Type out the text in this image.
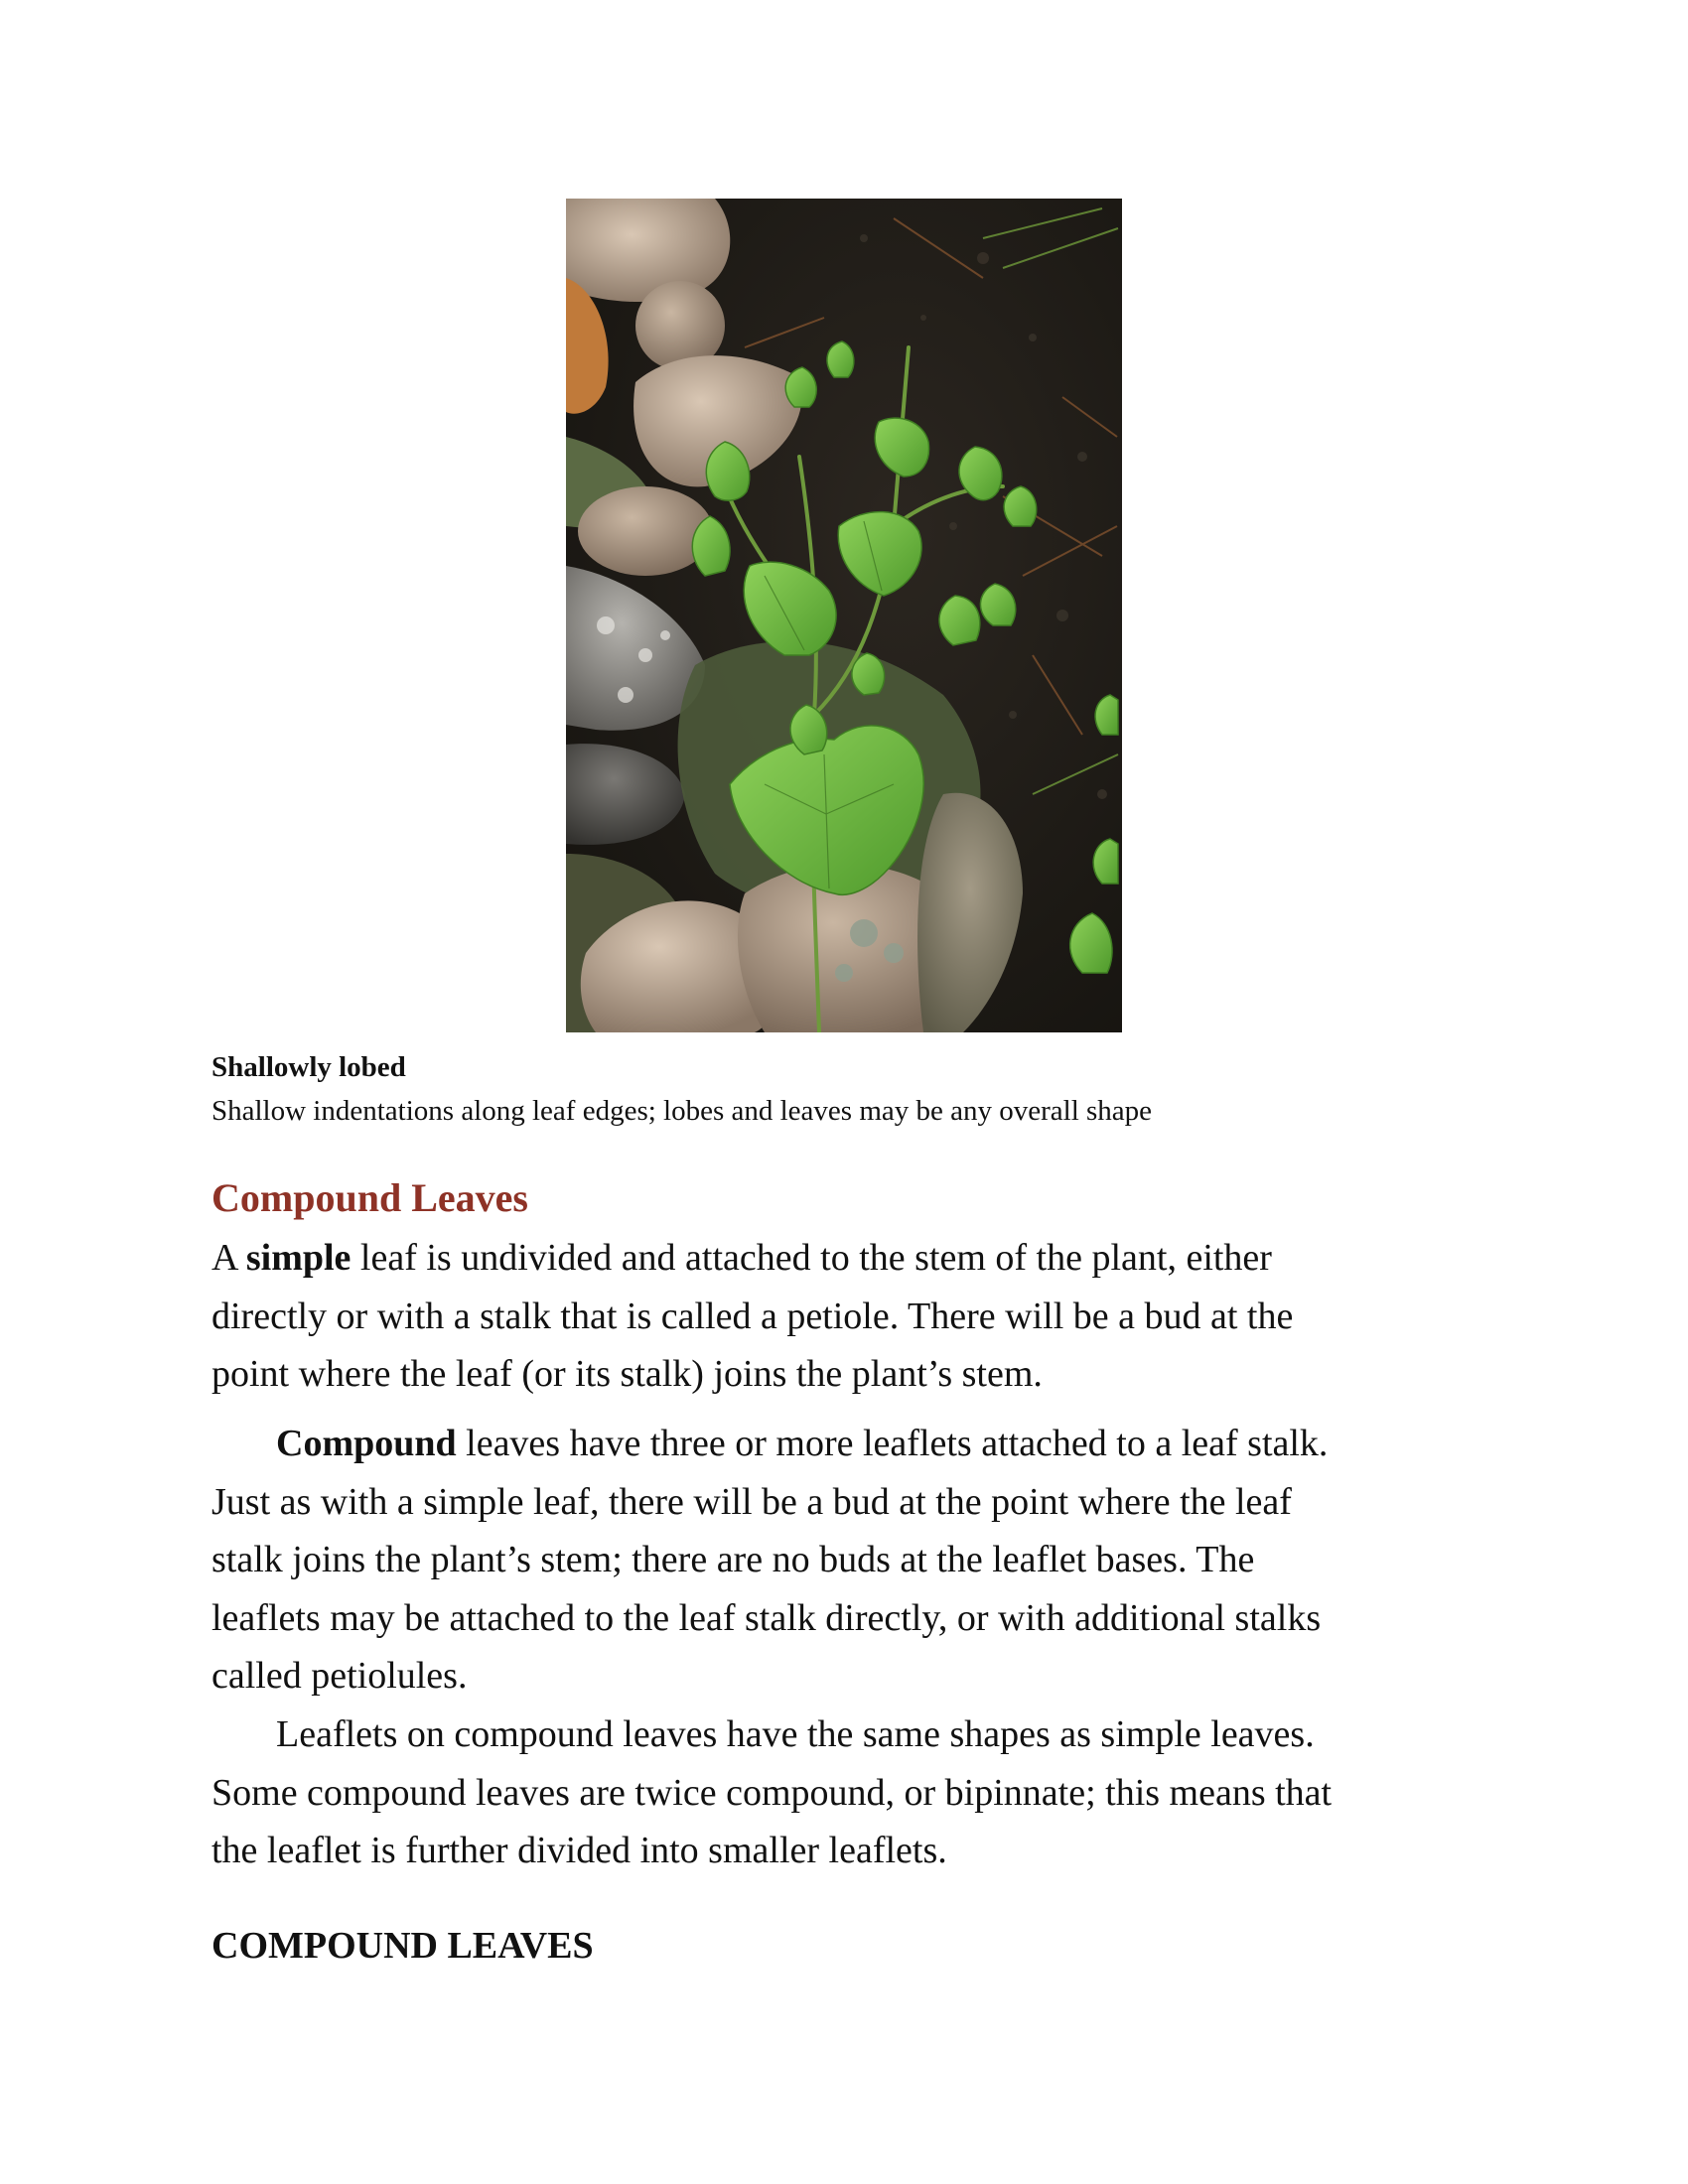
Shallowly lobed

Shallow indentations along leaf edges; lobes and leaves may be any overall shape

Compound Leaves

A simple leaf is undivided and attached to the stem of the plant, either
directly or with a stalk that is called a petiole. There will be a bud at the
point where the leaf (or its stalk) joins the plant’s stem.

Compound leaves have three or more leaflets attached to a leaf stalk.
Just as with a simple leaf, there will be a bud at the point where the leaf
stalk joins the plant’s stem; there are no buds at the leaflet bases. The
leaflets may be attached to the leaf stalk directly, or with additional stalks
called petiolules.

Leaflets on compound leaves have the same shapes as simple leaves.
Some compound leaves are twice compound, or bipinnate; this means that
the leaflet is further divided into smaller leaflets.

COMPOUND LEAVES
